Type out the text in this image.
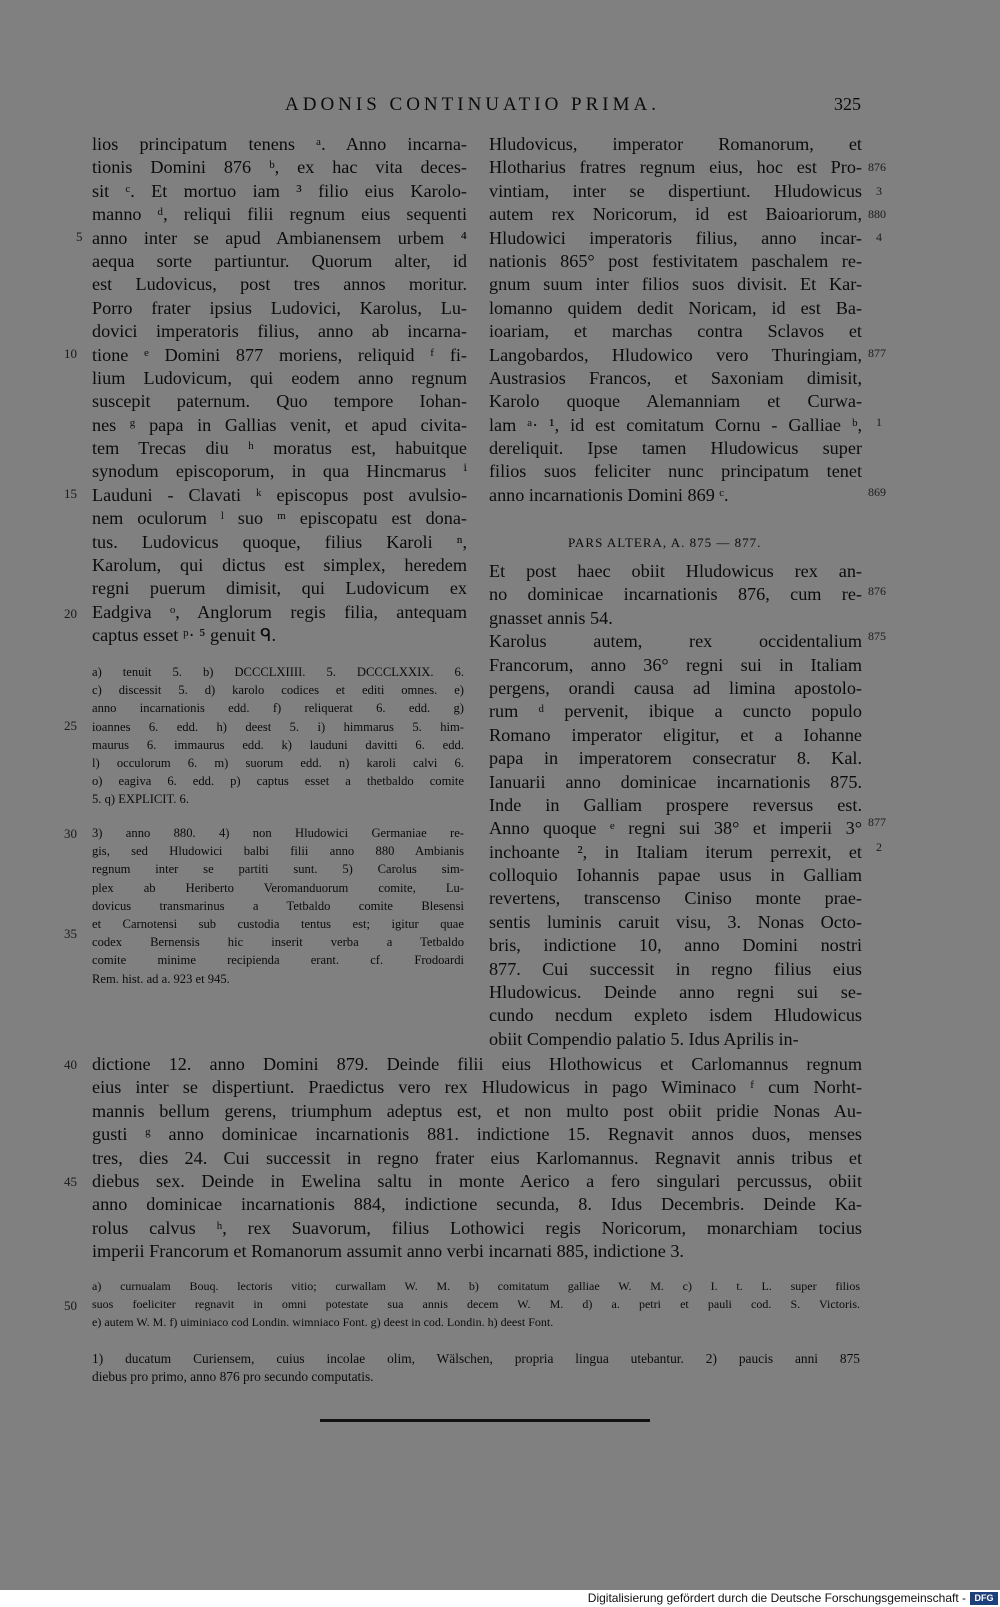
ADONIS CONTINUATIO PRIMA.	325
lios principatum tenens ᵃ. Anno incarna-
tionis Domini 876 ᵇ, ex hac vita deces-
sit ᶜ. Et mortuo iam ³ filio eius Karolo-
manno ᵈ, reliqui filii regnum eius sequenti
anno inter se apud Ambianensem urbem ⁴
aequa sorte partiuntur. Quorum alter, id
est Ludovicus, post tres annos moritur.
Porro frater ipsius Ludovici, Karolus, Lu-
dovici imperatoris filius, anno ab incarna-
tione ᵉ Domini 877 moriens, reliquid ᶠ fi-
lium Ludovicum, qui eodem anno regnum
suscepit paternum. Quo tempore Iohan-
nes ᵍ papa in Gallias venit, et apud civita-
tem Trecas diu ʰ moratus est, habuitque
synodum episcoporum, in qua Hincmarus ⁱ
Lauduni - Clavati ᵏ episcopus post avulsio-
nem oculorum ˡ suo ᵐ episcopatu est dona-
tus. Ludovicus quoque, filius Karoli ⁿ,
Karolum, qui dictus est simplex, heredem
regni puerum dimisit, qui Ludovicum ex
Eadgiva ᵒ, Anglorum regis filia, antequam
captus esset ᵖ· ⁵ genuit ᑫ.
5
10
15
20
a) tenuit 5. b) DCCCLXIIII. 5. DCCCLXXIX. 6.
c) discessit 5. d) karolo codices et editi omnes. e)
anno incarnationis edd. f) reliquerat 6. edd. g)
ioannes 6. edd. h) deest 5. i) himmarus 5. him-
maurus 6. immaurus edd. k) lauduni davitti 6. edd.
l) occulorum 6. m) suorum edd. n) karoli calvi 6.
o) eagiva 6. edd. p) captus esset a thetbaldo comite
5. q) EXPLICIT. 6.
25
3) anno 880. 4) non Hludowici Germaniae re-
gis, sed Hludowici balbi filii anno 880 Ambianis
regnum inter se partiti sunt. 5) Carolus sim-
plex ab Heriberto Veromanduorum comite, Lu-
dovicus transmarinus a Tetbaldo comite Blesensi
et Carnotensi sub custodia tentus est; igitur quae
codex Bernensis hic inserit verba a Tetbaldo
comite minime recipienda erant. cf. Frodoardi
Rem. hist. ad a. 923 et 945.
30
35
Hludovicus, imperator Romanorum, et
Hlotharius fratres regnum eius, hoc est Pro-
vintiam, inter se dispertiunt. Hludowicus
autem rex Noricorum, id est Baioariorum,
Hludowici imperatoris filius, anno incar-
nationis 865° post festivitatem paschalem re-
gnum suum inter filios suos divisit. Et Kar-
lomanno quidem dedit Noricam, id est Ba-
ioariam, et marchas contra Sclavos et
Langobardos, Hludowico vero Thuringiam,
Austrasios Francos, et Saxoniam dimisit,
Karolo quoque Alemanniam et Curwa-
lam ᵃ· ¹, id est comitatum Cornu - Galliae ᵇ,
dereliquit. Ipse tamen Hludowicus super
filios suos feliciter nunc principatum tenet
anno incarnationis Domini 869 ᶜ.
876
3
880
4
877
1
869
PARS ALTERA, A. 875 — 877.
Et post haec obiit Hludowicus rex an-
no dominicae incarnationis 876, cum re-
gnasset annis 54.
Karolus autem, rex occidentalium
Francorum, anno 36° regni sui in Italiam
pergens, orandi causa ad limina apostolo-
rum ᵈ pervenit, ibique a cuncto populo
Romano imperator eligitur, et a Iohanne
papa in imperatorem consecratur 8. Kal.
Ianuarii anno dominicae incarnationis 875.
Inde in Galliam prospere reversus est.
Anno quoque ᵉ regni sui 38° et imperii 3°
inchoante ², in Italiam iterum perrexit, et
colloquio Iohannis papae usus in Galliam
revertens, transcenso Ciniso monte prae-
sentis luminis caruit visu, 3. Nonas Octo-
bris, indictione 10, anno Domini nostri
877. Cui successit in regno filius eius
Hludowicus. Deinde anno regni sui se-
cundo necdum expleto isdem Hludowicus
obiit Compendio palatio 5. Idus Aprilis in-
876
875
877
2
dictione 12. anno Domini 879. Deinde filii eius Hlothowicus et Carlomannus regnum
eius inter se dispertiunt. Praedictus vero rex Hludowicus in pago Wiminaco ᶠ cum Norht-
mannis bellum gerens, triumphum adeptus est, et non multo post obiit pridie Nonas Au-
gusti ᵍ anno dominicae incarnationis 881. indictione 15. Regnavit annos duos, menses
tres, dies 24. Cui successit in regno frater eius Karlomannus. Regnavit annis tribus et
diebus sex. Deinde in Ewelina saltu in monte Aerico a fero singulari percussus, obiit
anno dominicae incarnationis 884, indictione secunda, 8. Idus Decembris. Deinde Ka-
rolus calvus ʰ, rex Suavorum, filius Lothowici regis Noricorum, monarchiam tocius
imperii Francorum et Romanorum assumit anno verbi incarnati 885, indictione 3.
40
45
a) curnualam Bouq. lectoris vitio; curwallam W. M. b) comitatum galliae W. M. c) I. t. L. super filios
suos foeliciter regnavit in omni potestate sua annis decem W. M. d) a. petri et pauli cod. S. Victoris.
e) autem W. M. f) uiminiaco cod Londin. wimniaco Font. g) deest in cod. Londin. h) deest Font.
50
1) ducatum Curiensem, cuius incolae olim, Wälschen, propria lingua utebantur. 2) paucis anni 875
diebus pro primo, anno 876 pro secundo computatis.
Digitalisierung gefördert durch die Deutsche Forschungsgemeinschaft - DFG
